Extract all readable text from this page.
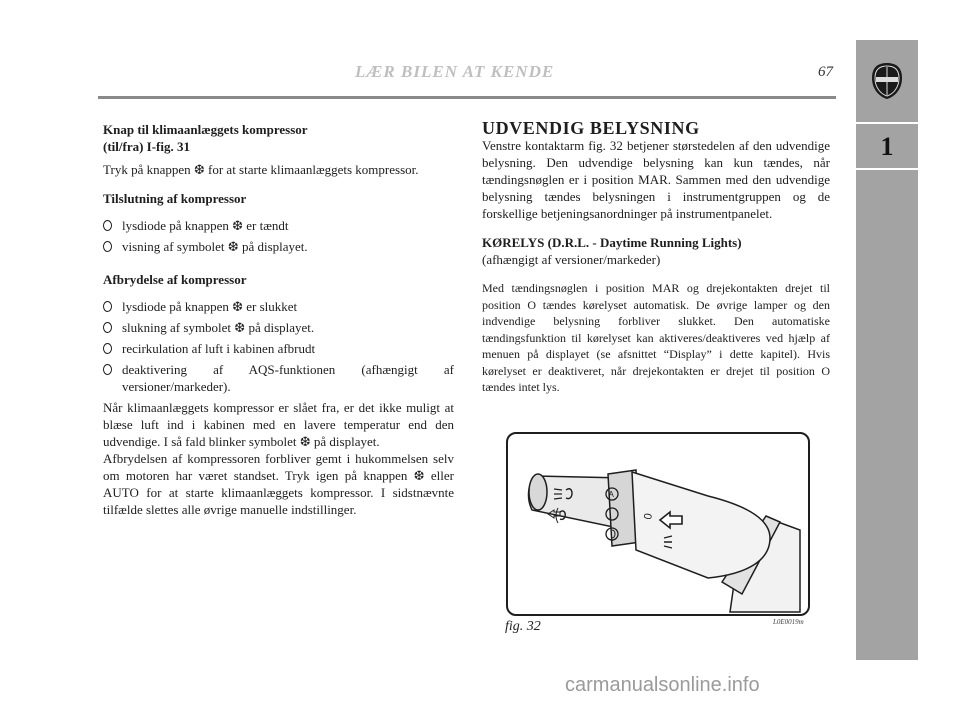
LÆR BILEN AT KENDE	67
1

Knap til klimaanlæggets kompressor

(til/fra) I-fig. 31

Tryk på knappen ❆ for at starte klimaanlæggets kompressor.

Tilslutning af kompressor

lysdiode på knappen ❆ er tændt
visning af symbolet ❆ på displayet.

Afbrydelse af kompressor

lysdiode på knappen ❆ er slukket
slukning af symbolet ❆ på displayet.
recirkulation af luft i kabinen afbrudt
deaktivering af AQS-funktionen (afhængigt af versioner/markeder).

Når klimaanlæggets kompressor er slået fra, er det ikke muligt at blæse luft ind i kabinen med en lavere temperatur end den udvendige. I så fald blinker symbolet ❆ på displayet.

Afbrydelsen af kompressoren forbliver gemt i hukommelsen selv om motoren har været standset. Tryk igen på knappen ❆ eller AUTO for at starte klimaanlæggets kompressor. I sidstnævnte tilfælde slettes alle øvrige manuelle indstillinger.

UDVENDIG BELYSNING

Venstre kontaktarm fig. 32 betjener størstedelen af den udvendige belysning. Den udvendige belysning kan kun tændes, når tændingsnøglen er i position MAR. Sammen med den udvendige belysning tændes belysningen i instrumentgruppen og de forskellige betjeningsanordninger på instrumentpanelet.

KØRELYS (D.R.L. - Daytime Running Lights)

(afhængigt af versioner/markeder)

Med tændingsnøglen i position MAR og drejekontakten drejet til position O tændes kørelyset automatisk. De øvrige lamper og den indvendige belysning forbliver slukket. Den automatiske tændingsfunktion til kørelyset kan aktiveres/deaktiveres ved hjælp af menuen på displayet (se afsnittet “Display” i dette kapitel). Hvis kørelyset er deaktiveret, når drejekontakten er drejet til position O tændes intet lys.

A
0
L0E0019m
fig. 32
carmanualsonline.info
